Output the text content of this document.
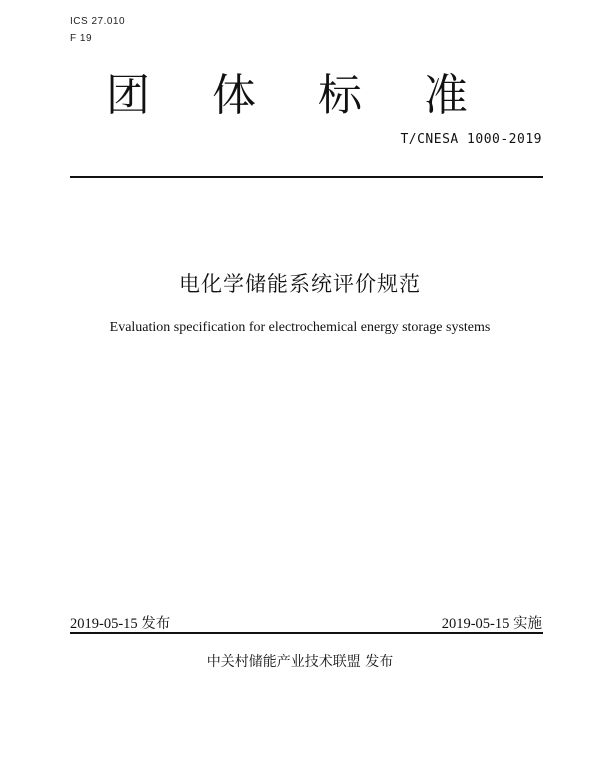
ICS 27.010
F 19
团体标准
T/CNESA 1000-2019
电化学储能系统评价规范
Evaluation specification for electrochemical energy storage systems
2019-05-15 发布	2019-05-15 实施
中关村储能产业技术联盟 发布
